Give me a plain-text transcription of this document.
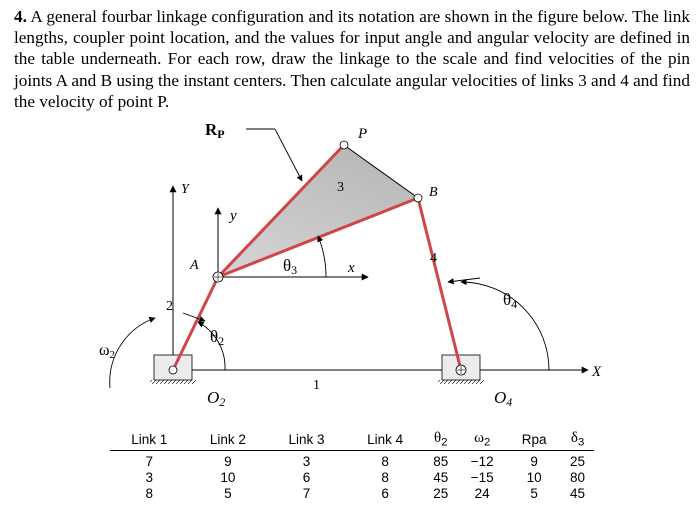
4. A general fourbar linkage configuration and its notation are shown in the figure below. The link lengths, coupler point location, and the values for input angle and angular velocity are defined in the table underneath. For each row, draw the linkage to the scale and find velocities of the pin joints A and B using the instant centers. Then calculate angular velocities of links 3 and 4 and find the velocity of point P.

RP	P
3	B
Y
y
4
A	θ3	x
θ4
2
θ2
ω2
X
1
O2	O4
Link 1	Link 2	Link 3	Link 4	$\theta_2$	$\omega_2$	Rpa	$\delta_3$
7	9	3	8	85	−12	9	25
3	10	6	8	45	−15	10	80
8	5	7	6	25	24	5	45
